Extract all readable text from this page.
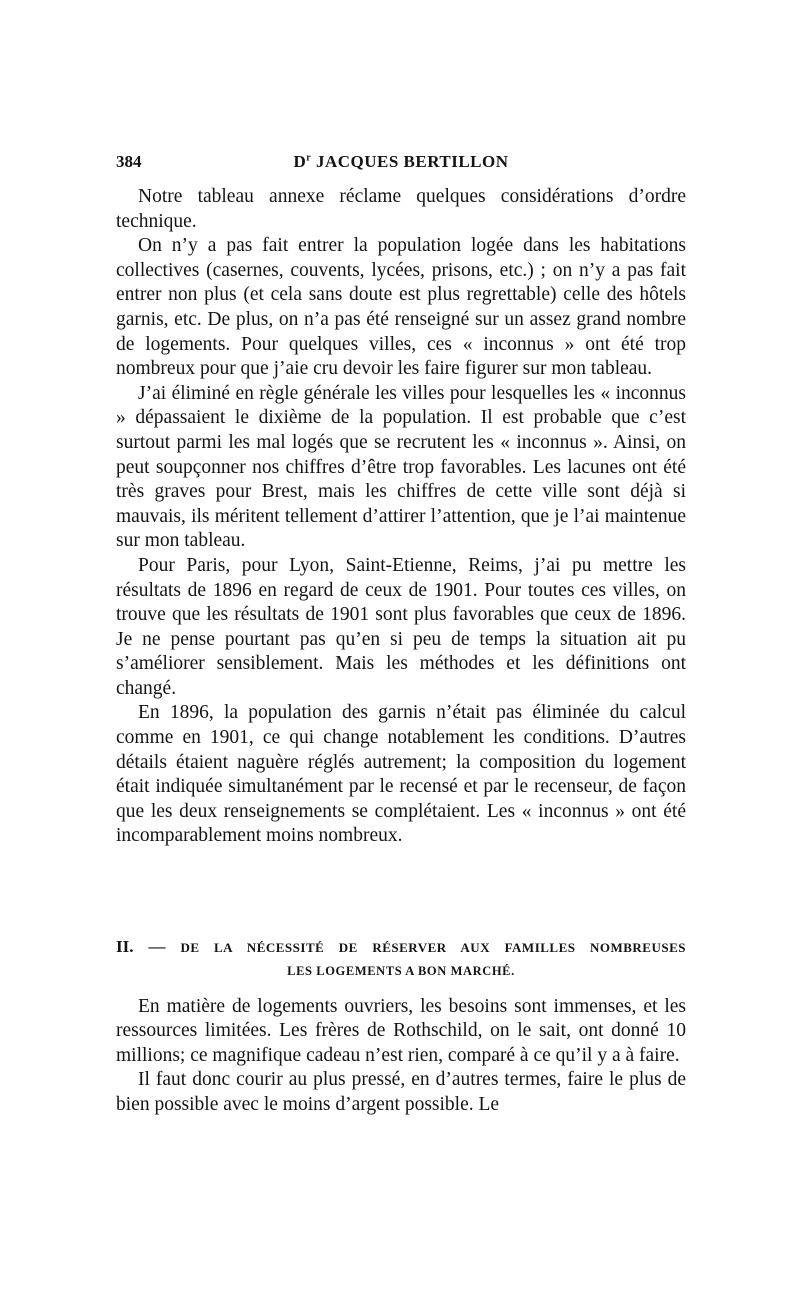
384	$D^r$ JACQUES BERTILLON

Notre tableau annexe réclame quelques considérations d’ordre technique.

On n’y a pas fait entrer la population logée dans les habitations collectives (casernes, couvents, lycées, prisons, etc.) ; on n’y a pas fait entrer non plus (et cela sans doute est plus regrettable) celle des hôtels garnis, etc. De plus, on n’a pas été renseigné sur un assez grand nombre de logements. Pour quelques villes, ces « inconnus » ont été trop nombreux pour que j’aie cru devoir les faire figurer sur mon tableau.

J’ai éliminé en règle générale les villes pour lesquelles les « inconnus » dépassaient le dixième de la population. Il est probable que c’est surtout parmi les mal logés que se recrutent les « inconnus ». Ainsi, on peut soupçonner nos chiffres d’être trop favorables. Les lacunes ont été très graves pour Brest, mais les chiffres de cette ville sont déjà si mauvais, ils méritent tellement d’attirer l’attention, que je l’ai maintenue sur mon tableau.

Pour Paris, pour Lyon, Saint-Etienne, Reims, j’ai pu mettre les résultats de 1896 en regard de ceux de 1901. Pour toutes ces villes, on trouve que les résultats de 1901 sont plus favorables que ceux de 1896. Je ne pense pourtant pas qu’en si peu de temps la situation ait pu s’améliorer sensiblement. Mais les méthodes et les définitions ont changé.

En 1896, la population des garnis n’était pas éliminée du calcul comme en 1901, ce qui change notablement les conditions. D’autres détails étaient naguère réglés autrement; la composition du logement était indiquée simultanément par le recensé et par le recenseur, de façon que les deux renseignements se complétaient. Les « inconnus » ont été incomparablement moins nombreux.

II. — DE LA NÉCESSITÉ DE RÉSERVER AUX FAMILLES NOMBREUSES
LES LOGEMENTS A BON MARCHÉ.

En matière de logements ouvriers, les besoins sont immenses, et les ressources limitées. Les frères de Rothschild, on le sait, ont donné 10 millions; ce magnifique cadeau n’est rien, comparé à ce qu’il y a à faire.

Il faut donc courir au plus pressé, en d’autres termes, faire le plus de bien possible avec le moins d’argent possible. Le
